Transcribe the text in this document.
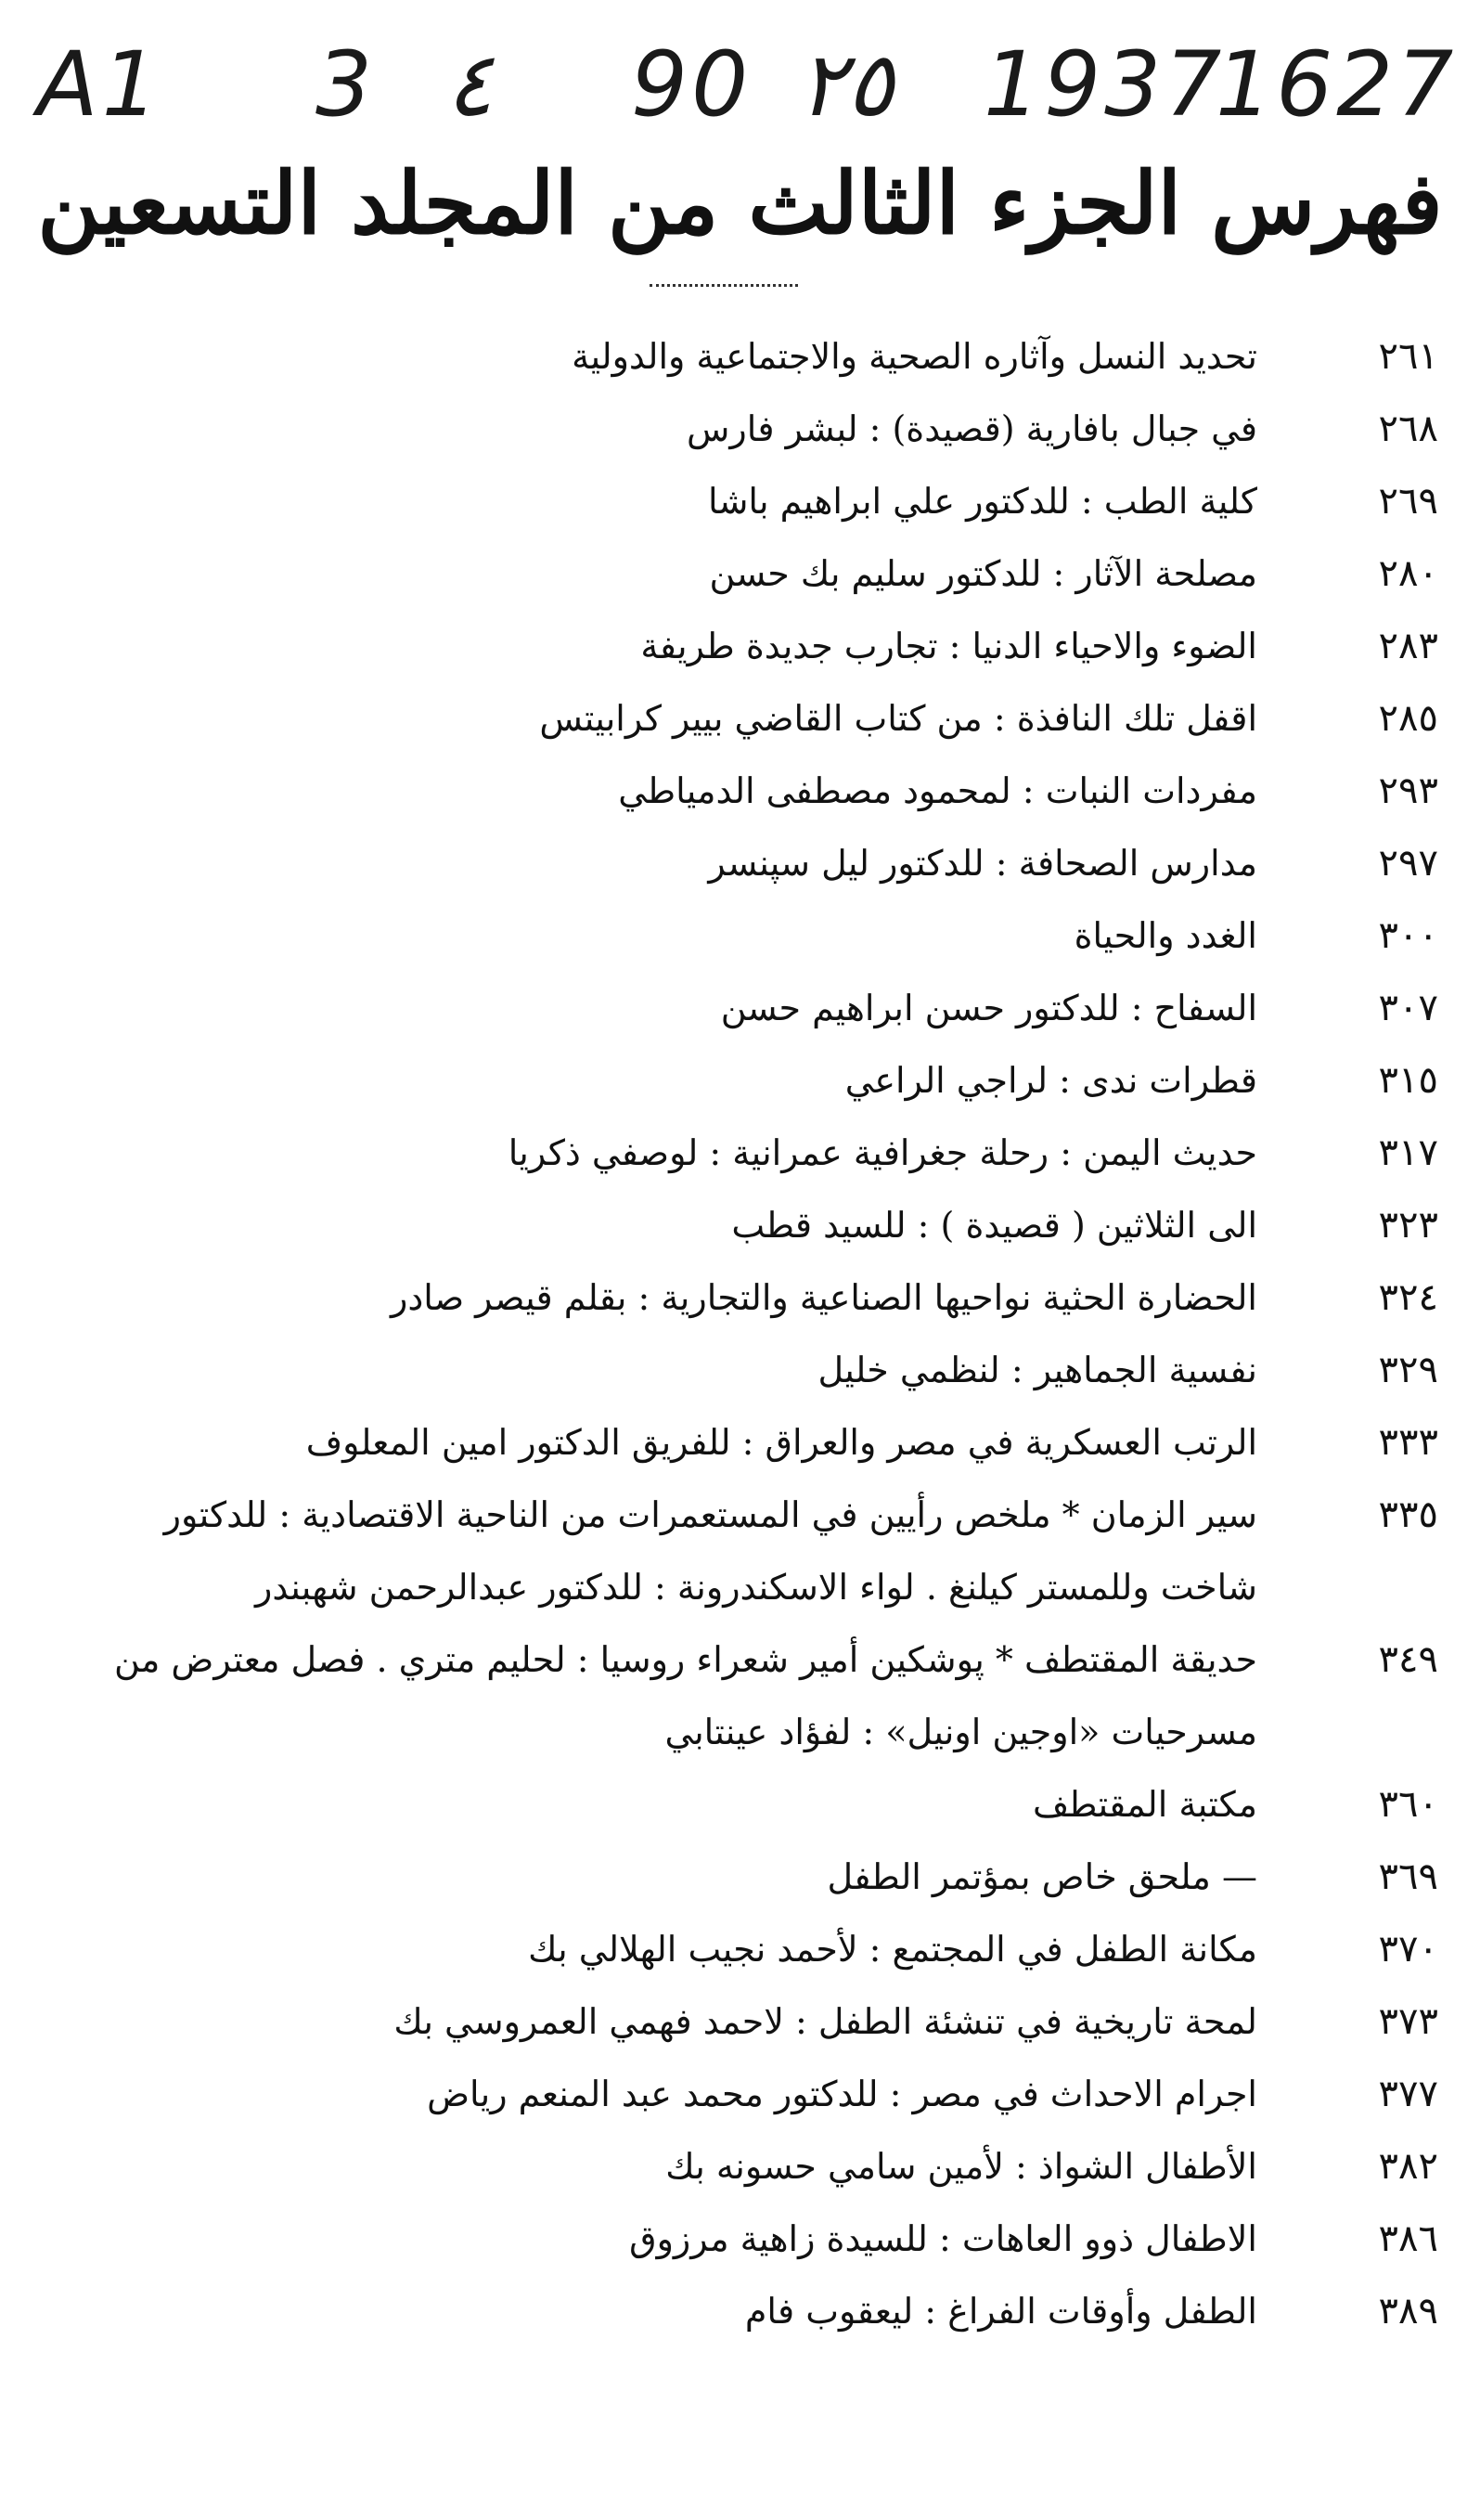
A1 3 ٤ 90 ٢٥ 1937
1627
فهرس الجزء الثالث من المجلد التسعين
٢٦١
تحديد النسل وآثاره الصحية والاجتماعية والدولية
٢٦٨
في جبال بافارية (قصيدة) : لبشر فارس
٢٦٩
كلية الطب : للدكتور علي ابراهيم باشا
٢٨٠
مصلحة الآثار : للدكتور سليم بك حسن
٢٨٣
الضوء والاحياء الدنيا : تجارب جديدة طريفة
٢٨٥
اقفل تلك النافذة : من كتاب القاضي بيير كرابيتس
٢٩٣
مفردات النبات : لمحمود مصطفى الدمياطي
٢٩٧
مدارس الصحافة : للدكتور ليل سپنسر
٣٠٠
الغدد والحياة
٣٠٧
السفاح : للدكتور حسن ابراهيم حسن
٣١٥
قطرات ندى : لراجي الراعي
٣١٧
حديث اليمن : رحلة جغرافية عمرانية : لوصفي ذكريا
٣٢٣
الى الثلاثين ( قصيدة ) : للسيد قطب
٣٢٤
الحضارة الحثية نواحيها الصناعية والتجارية : بقلم قيصر صادر
٣٢٩
نفسية الجماهير : لنظمي خليل
٣٣٣
الرتب العسكرية في مصر والعراق : للفريق الدكتور امين المعلوف
٣٣٥
سير الزمان * ملخص رأيين في المستعمرات من الناحية الاقتصادية : للدكتور
شاخت وللمستر كيلنغ . لواء الاسكندرونة : للدكتور عبدالرحمن شهبندر
٣٤٩
حديقة المقتطف * پوشكين أمير شعراء روسيا : لحليم متري . فصل معترض من
مسرحيات «اوجين اونيل» : لفؤاد عينتابي
٣٦٠
مكتبة المقتطف
٣٦٩
— ملحق خاص بمؤتمر الطفل
٣٧٠
مكانة الطفل في المجتمع : لأحمد نجيب الهلالي بك
٣٧٣
لمحة تاريخية في تنشئة الطفل : لاحمد فهمي العمروسي بك
٣٧٧
اجرام الاحداث في مصر : للدكتور محمد عبد المنعم رياض
٣٨٢
الأطفال الشواذ : لأمين سامي حسونه بك
٣٨٦
الاطفال ذوو العاهات : للسيدة زاهية مرزوق
٣٨٩
الطفل وأوقات الفراغ : ليعقوب فام
